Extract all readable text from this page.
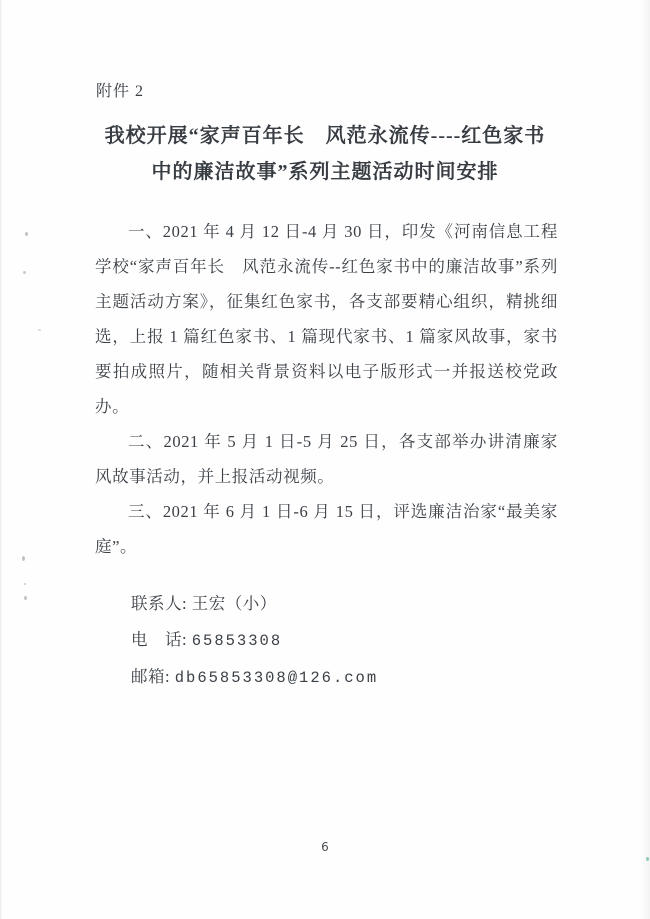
附件 2
我校开展“家声百年长　风范永流传----红色家书
中的廉洁故事”系列主题活动时间安排

一、2021 年 4 月 12 日-4 月 30 日，印发《河南信息工程学校“家声百年长　风范永流传--红色家书中的廉洁故事”系列主题活动方案》，征集红色家书，各支部要精心组织，精挑细选，上报 1 篇红色家书、1 篇现代家书、1 篇家风故事，家书要拍成照片，随相关背景资料以电子版形式一并报送校党政办。

二、2021 年 5 月 1 日-5 月 25 日，各支部举办讲清廉家风故事活动，并上报活动视频。

三、2021 年 6 月 1 日-6 月 15 日，评选廉洁治家“最美家庭”。

联系人: 王宏（小）
电　话: 65853308
邮箱: db65853308@126.com
6
